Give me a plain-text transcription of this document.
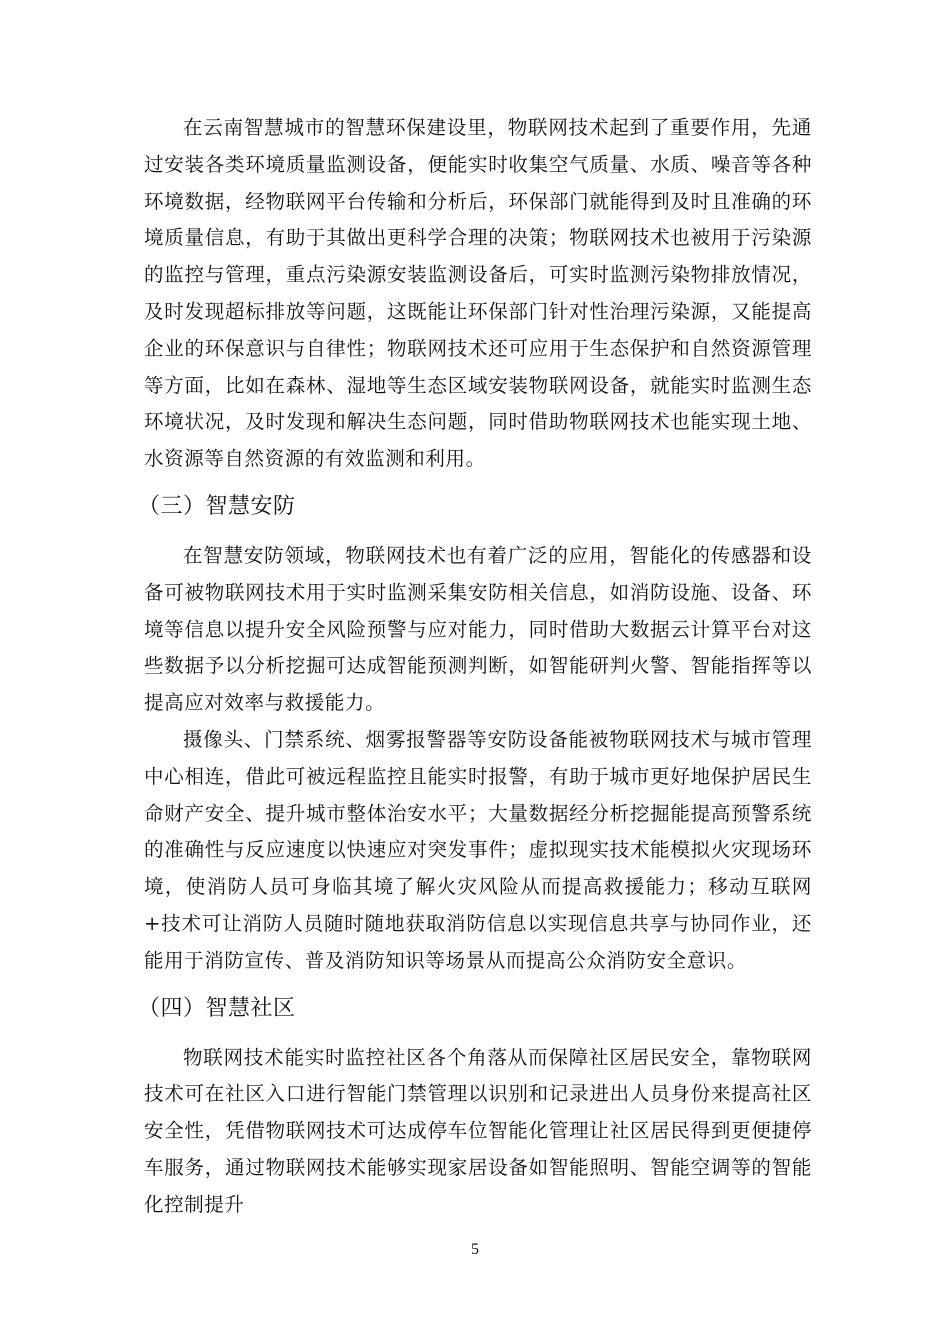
在云南智慧城市的智慧环保建设里，物联网技术起到了重要作用，先通过安装各类环境质量监测设备，便能实时收集空气质量、水质、噪音等各种环境数据，经物联网平台传输和分析后，环保部门就能得到及时且准确的环境质量信息，有助于其做出更科学合理的决策；物联网技术也被用于污染源的监控与管理，重点污染源安装监测设备后，可实时监测污染物排放情况，及时发现超标排放等问题，这既能让环保部门针对性治理污染源，又能提高企业的环保意识与自律性；物联网技术还可应用于生态保护和自然资源管理等方面，比如在森林、湿地等生态区域安装物联网设备，就能实时监测生态环境状况，及时发现和解决生态问题，同时借助物联网技术也能实现土地、水资源等自然资源的有效监测和利用。

（三）智慧安防

在智慧安防领域，物联网技术也有着广泛的应用，智能化的传感器和设备可被物联网技术用于实时监测采集安防相关信息，如消防设施、设备、环境等信息以提升安全风险预警与应对能力，同时借助大数据云计算平台对这些数据予以分析挖掘可达成智能预测判断，如智能研判火警、智能指挥等以提高应对效率与救援能力。

摄像头、门禁系统、烟雾报警器等安防设备能被物联网技术与城市管理中心相连，借此可被远程监控且能实时报警，有助于城市更好地保护居民生命财产安全、提升城市整体治安水平；大量数据经分析挖掘能提高预警系统的准确性与反应速度以快速应对突发事件；虚拟现实技术能模拟火灾现场环境，使消防人员可身临其境了解火灾风险从而提高救援能力；移动互联网+技术可让消防人员随时随地获取消防信息以实现信息共享与协同作业，还能用于消防宣传、普及消防知识等场景从而提高公众消防安全意识。

（四）智慧社区

物联网技术能实时监控社区各个角落从而保障社区居民安全，靠物联网技术可在社区入口进行智能门禁管理以识别和记录进出人员身份来提高社区安全性，凭借物联网技术可达成停车位智能化管理让社区居民得到更便捷停车服务，通过物联网技术能够实现家居设备如智能照明、智能空调等的智能化控制提升

5
